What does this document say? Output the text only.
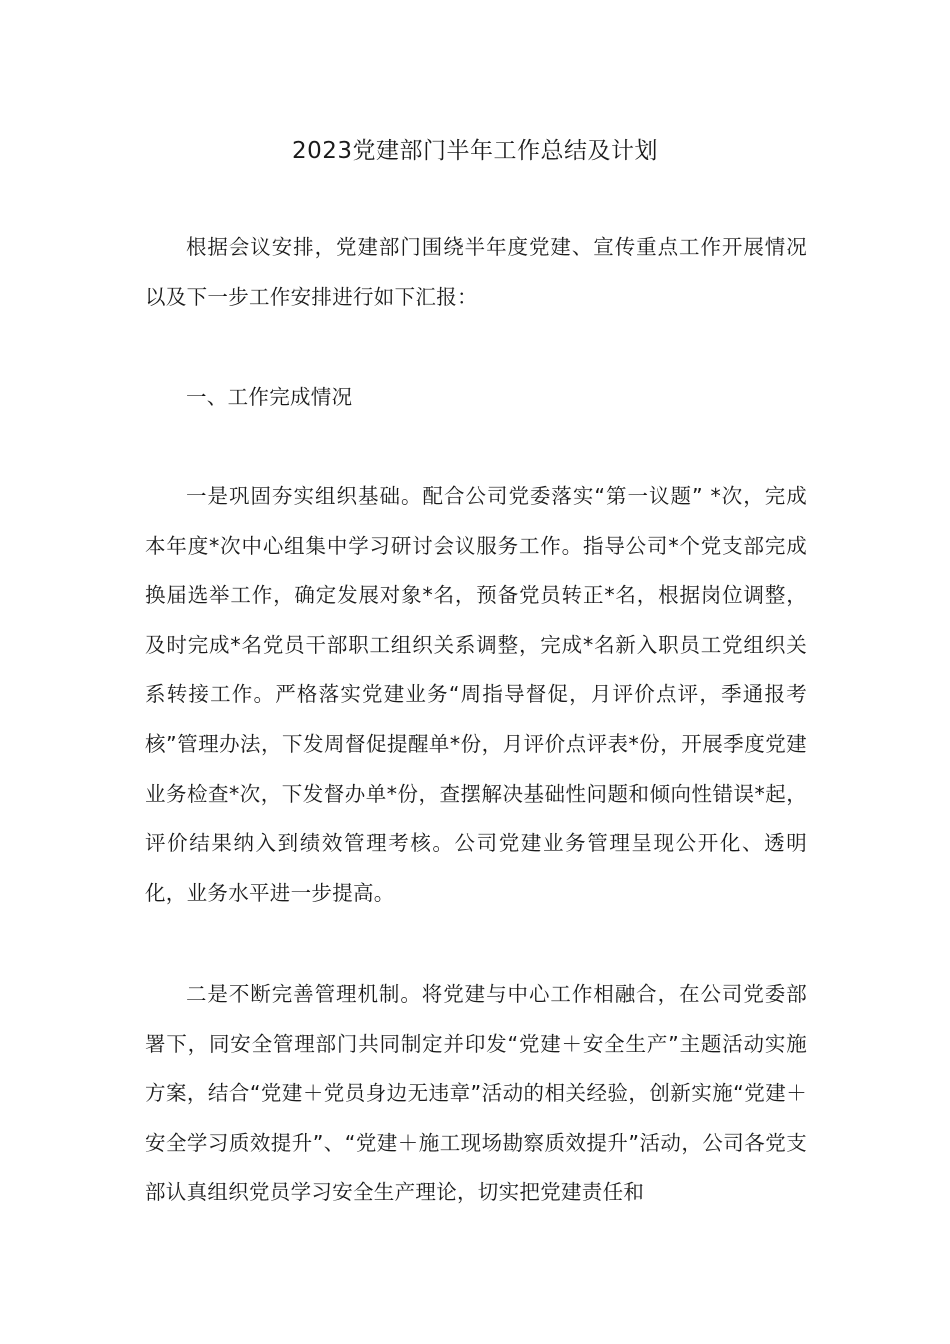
2023党建部门半年工作总结及计划

根据会议安排，党建部门围绕半年度党建、宣传重点工作开展情况以及下一步工作安排进行如下汇报：

一、工作完成情况

一是巩固夯实组织基础。配合公司党委落实“第一议题” *次，完成本年度*次中心组集中学习研讨会议服务工作。指导公司*个党支部完成换届选举工作，确定发展对象*名，预备党员转正*名，根据岗位调整，及时完成*名党员干部职工组织关系调整，完成*名新入职员工党组织关系转接工作。严格落实党建业务“周指导督促，月评价点评，季通报考核”管理办法，下发周督促提醒单*份，月评价点评表*份，开展季度党建业务检查*次，下发督办单*份，查摆解决基础性问题和倾向性错误*起，评价结果纳入到绩效管理考核。公司党建业务管理呈现公开化、透明化，业务水平进一步提高。

二是不断完善管理机制。将党建与中心工作相融合，在公司党委部署下，同安全管理部门共同制定并印发“党建＋安全生产”主题活动实施方案，结合“党建＋党员身边无违章”活动的相关经验，创新实施“党建＋安全学习质效提升”、“党建＋施工现场勘察质效提升”活动，公司各党支部认真组织党员学习安全生产理论，切实把党建责任和
